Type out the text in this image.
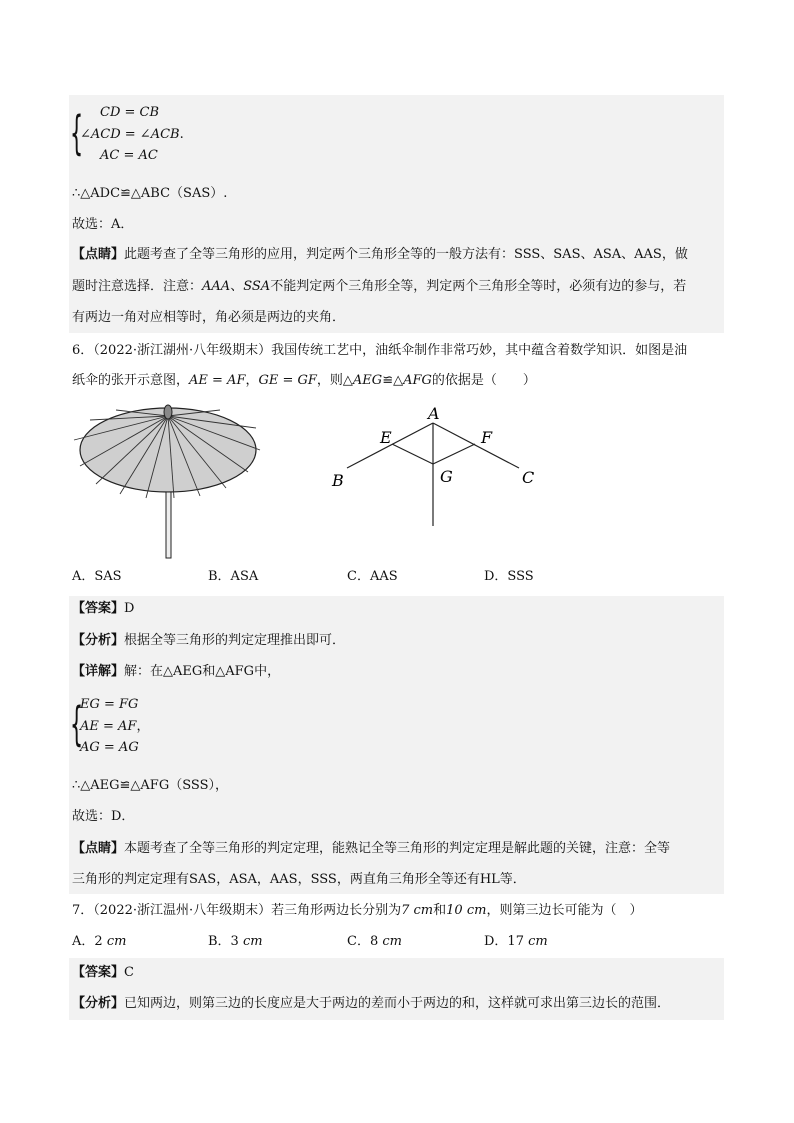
{ CD = CB
∠ACD = ∠ACB.
AC = AC
∴△ADC≌△ABC（SAS）.
故选：A．
【点睛】此题考查了全等三角形的应用，判定两个三角形全等的一般方法有：SSS、SAS、ASA、AAS，做
题时注意选择．注意：AAA、SSA不能判定两个三角形全等，判定两个三角形全等时，必须有边的参与，若
有两边一角对应相等时，角必须是两边的夹角．
6．（2022·浙江湖州·八年级期末）我国传统工艺中，油纸伞制作非常巧妙，其中蕴含着数学知识．如图是油
纸伞的张开示意图，AE = AF，GE = GF，则△AEG≌△AFG的依据是（　　）
A
E	F
B	G	C
A．SAS	B．ASA	C．AAS	D．SSS
【答案】D
【分析】根据全等三角形的判定定理推出即可．
【详解】解：在△AEG和△AFG中，
{
EG = FG
AE = AF，
AG = AG
∴△AEG≌△AFG（SSS），
故选：D．
【点睛】本题考查了全等三角形的判定定理，能熟记全等三角形的判定定理是解此题的关键，注意：全等
三角形的判定定理有SAS，ASA，AAS，SSS，两直角三角形全等还有HL等．
7．（2022·浙江温州·八年级期末）若三角形两边长分别为7 cm和10 cm，则第三边长可能为（　）
A．2 cm	B．3 cm	C．8 cm	D．17 cm
【答案】C
【分析】已知两边，则第三边的长度应是大于两边的差而小于两边的和，这样就可求出第三边长的范围．
